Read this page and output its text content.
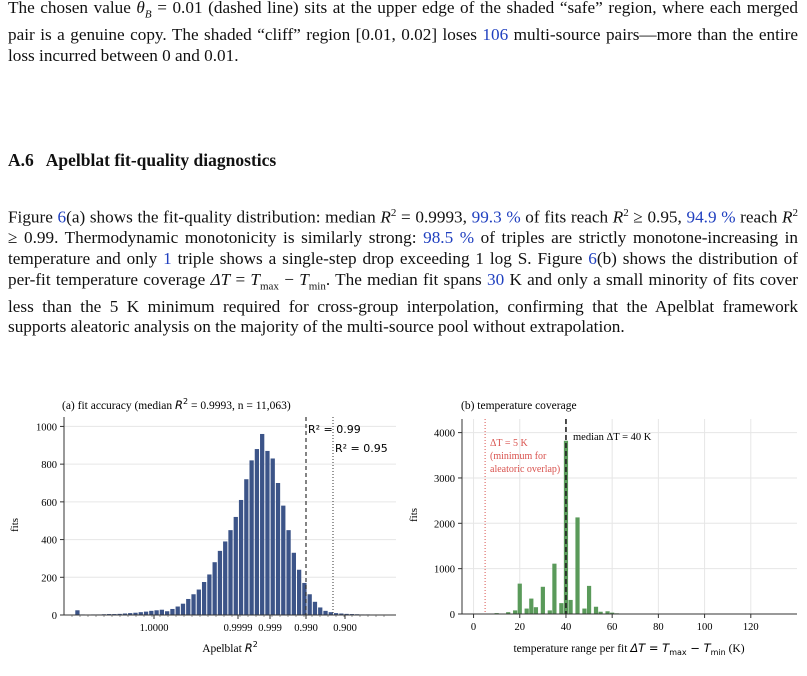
The chosen value $\theta_B = 0.01$ (dashed line) sits at the upper edge of the shaded “safe” region, where each merged pair is a genuine copy. The shaded “cliff” region [0.01, 0.02] loses 106 multi-source pairs—more than the entire loss incurred between 0 and 0.01.
A.6 Apelblat fit-quality diagnostics
Figure 6(a) shows the fit-quality distribution: median $R^2 = 0.9993$, 99.3 % of fits reach $R^2 \ge 0.95$, 94.9 % reach $R^2 \ge 0.99$. Thermodynamic monotonicity is similarly strong: 98.5 % of triples are strictly monotone-increasing in temperature and only 1 triple shows a single-step drop exceeding 1 log S. Figure 6(b) shows the distribution of per-fit temperature coverage $\Delta T = T_{max} - T_{min}$. The median fit spans 30 K and only a small minority of fits cover less than the 5 K minimum required for cross-group interpolation, confirming that the Apelblat framework supports aleatoric analysis on the majority of the multi-source pool without extrapolation.
(a) fit accuracy (median $R^2 = 0.9993$, n = 11,063)
fits
0
200
400
600
800
1000	R² = 0.99
R² = 0.95
1.0000	0.9999 0.999 0.990 0.900
Apelblat $R^2$
(b) temperature coverage
fits
0
1000
2000
3000
4000	median ΔT = 40 K
ΔT = 5 K
(minimum for
aleatoric overlap)
0	20	40	60	80	100	120
temperature range per fit $\Delta T = T_{max} - T_{min}$ (K)
